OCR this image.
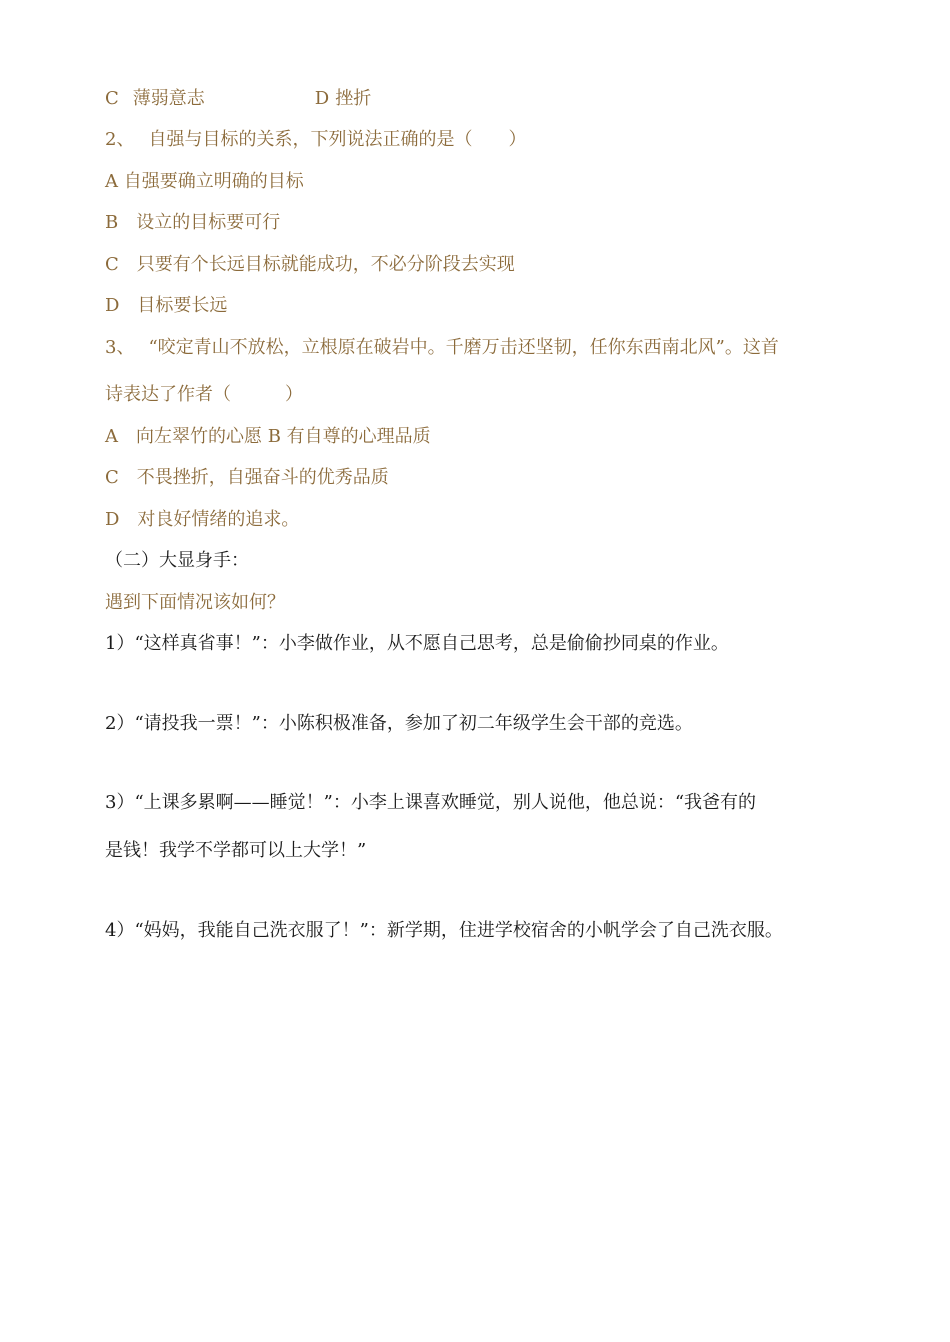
C 薄弱意志	D 挫折
2、 自强与目标的关系，下列说法正确的是（　　）
A 自强要确立明确的目标
B　设立的目标要可行
C　只要有个长远目标就能成功，不必分阶段去实现
D　目标要长远
3、 “咬定青山不放松，立根原在破岩中。千磨万击还坚韧，任你东西南北风”。这首
诗表达了作者（　　　）
A　向左翠竹的心愿 B 有自尊的心理品质
C　不畏挫折，自强奋斗的优秀品质
D　对良好情绪的追求。
（二）大显身手：
遇到下面情况该如何？
1）“这样真省事！”：小李做作业，从不愿自己思考，总是偷偷抄同桌的作业。
2）“请投我一票！”：小陈积极准备，参加了初二年级学生会干部的竞选。
3）“上课多累啊——睡觉！”：小李上课喜欢睡觉，别人说他，他总说：“我爸有的
是钱！我学不学都可以上大学！”
4）“妈妈，我能自己洗衣服了！”：新学期，住进学校宿舍的小帆学会了自己洗衣服。
